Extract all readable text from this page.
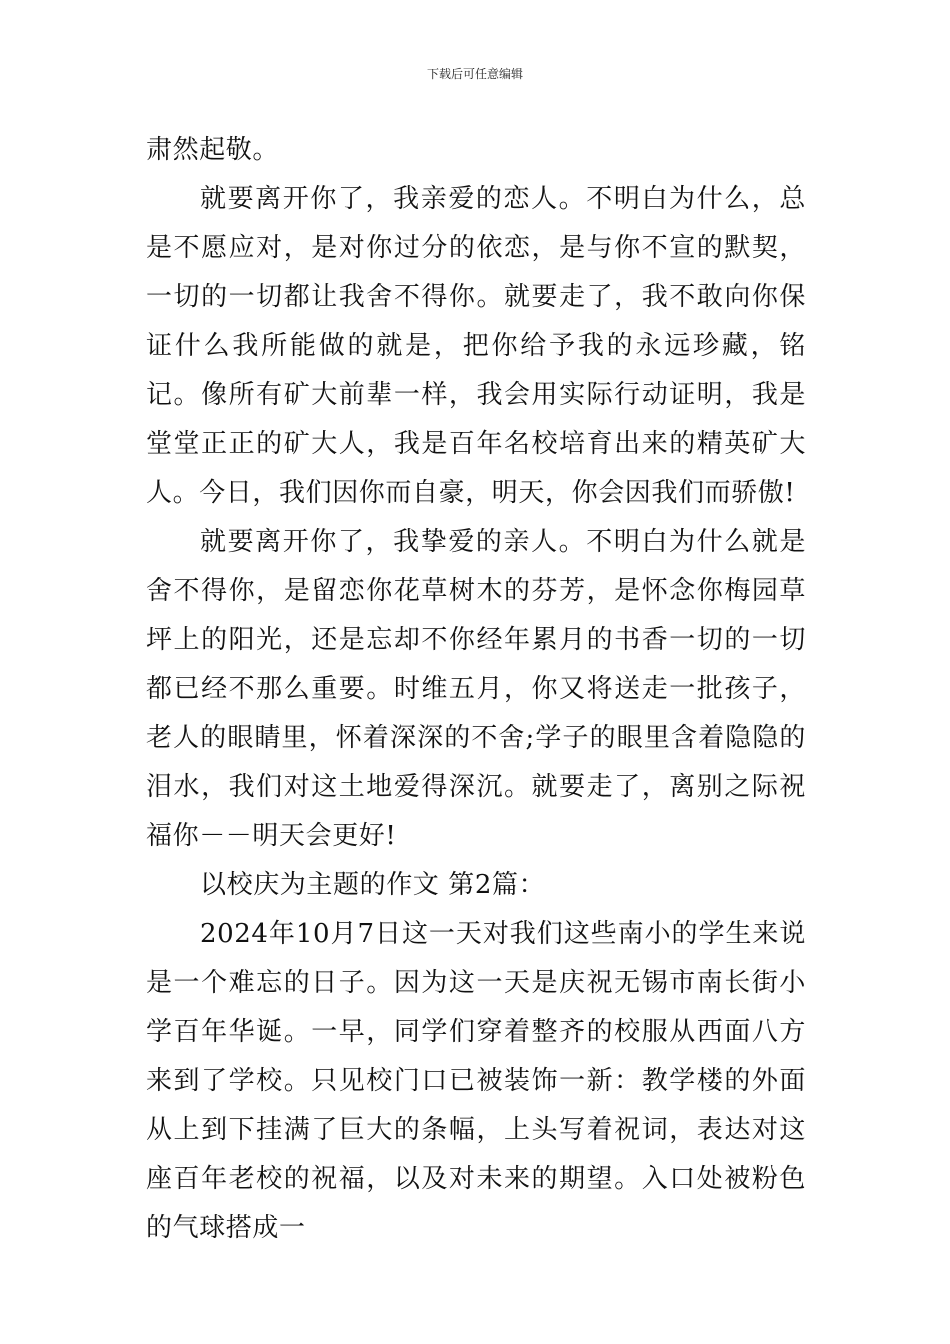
下载后可任意编辑

肃然起敬。

就要离开你了，我亲爱的恋人。不明白为什么，总是不愿应对，是对你过分的依恋，是与你不宣的默契，一切的一切都让我舍不得你。就要走了，我不敢向你保证什么我所能做的就是，把你给予我的永远珍藏，铭记。像所有矿大前辈一样，我会用实际行动证明，我是堂堂正正的矿大人，我是百年名校培育出来的精英矿大人。今日，我们因你而自豪，明天，你会因我们而骄傲!

就要离开你了，我挚爱的亲人。不明白为什么就是舍不得你，是留恋你花草树木的芬芳，是怀念你梅园草坪上的阳光，还是忘却不你经年累月的书香一切的一切都已经不那么重要。时维五月，你又将送走一批孩子，老人的眼睛里，怀着深深的不舍;学子的眼里含着隐隐的泪水，我们对这土地爱得深沉。就要走了，离别之际祝福你－－明天会更好!

以校庆为主题的作文 第2篇：

2024年10月7日这一天对我们这些南小的学生来说是一个难忘的日子。因为这一天是庆祝无锡市南长街小学百年华诞。一早，同学们穿着整齐的校服从西面八方来到了学校。只见校门口已被装饰一新：教学楼的外面从上到下挂满了巨大的条幅，上头写着祝词，表达对这座百年老校的祝福，以及对未来的期望。入口处被粉色的气球搭成一
